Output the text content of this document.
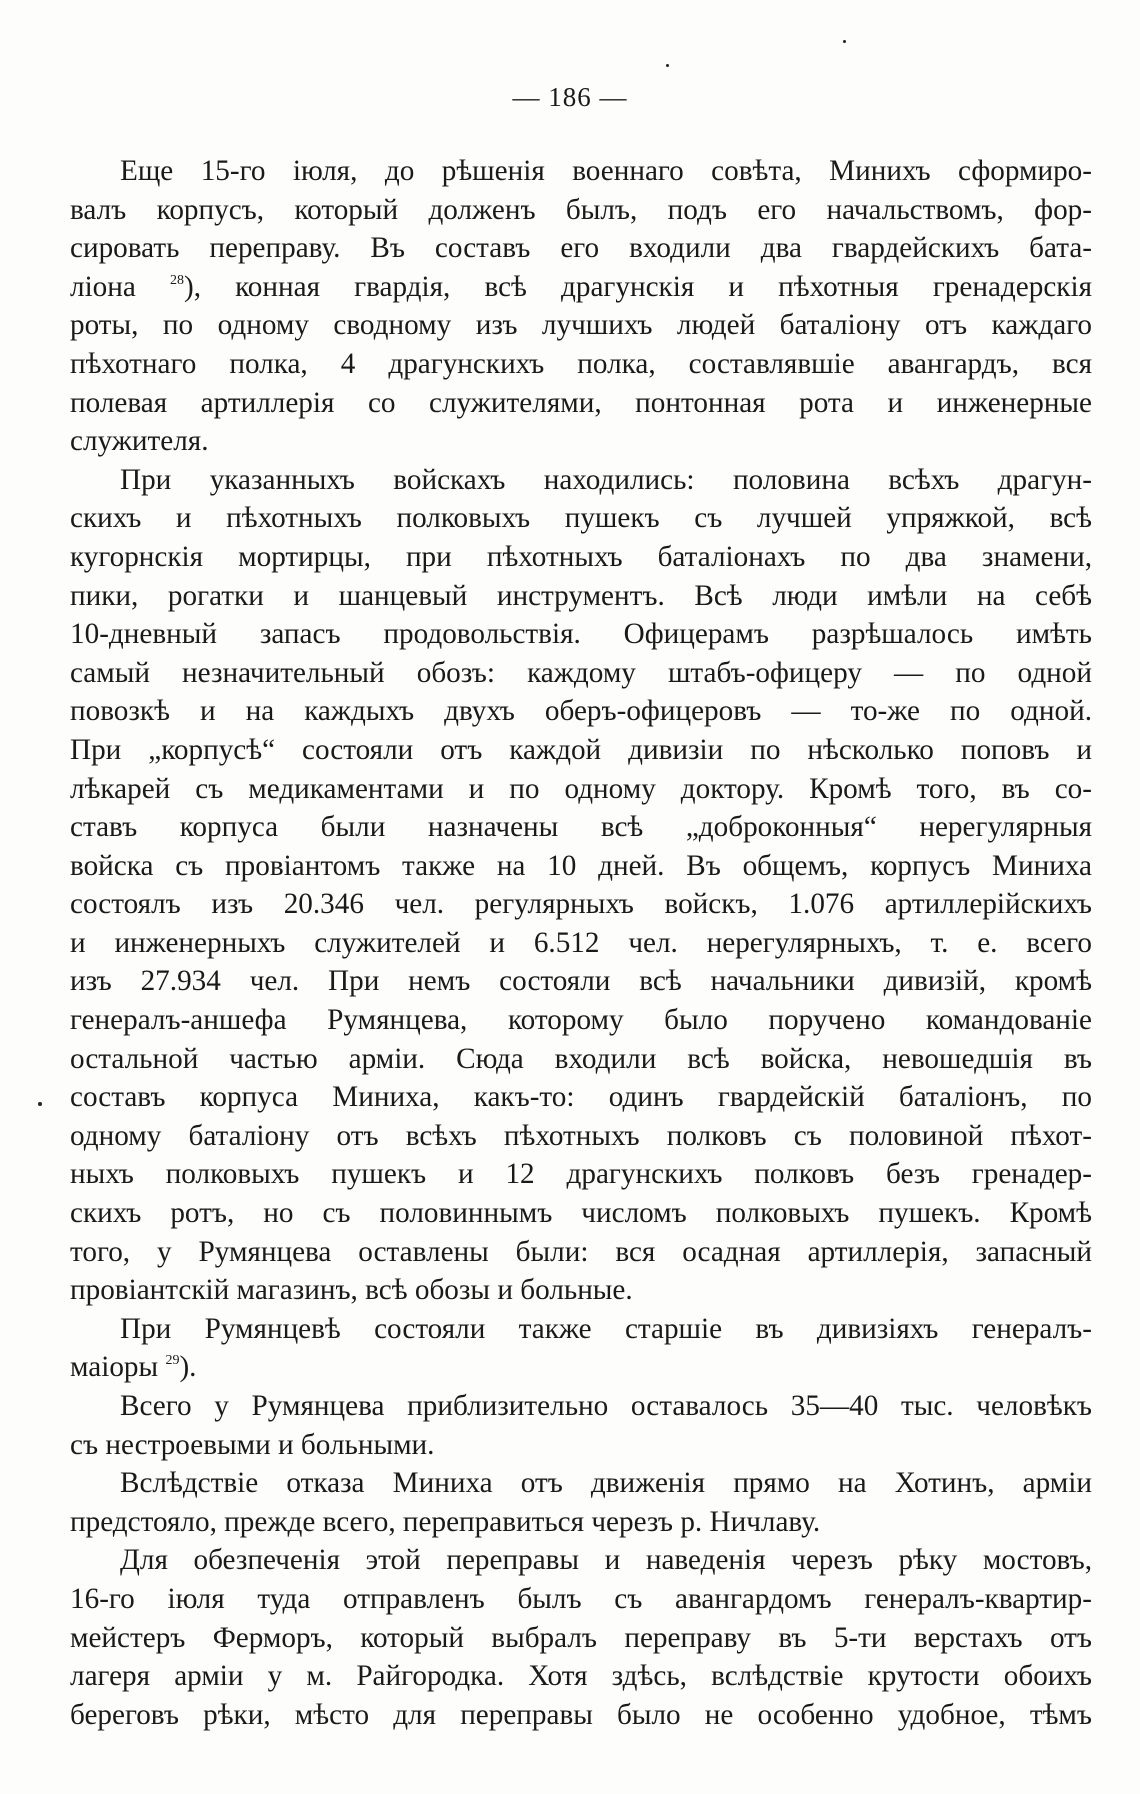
— 186 —
Еще 15-го іюля, до рѣшенія военнаго совѣта, Минихъ сформиро-
валъ корпусъ, который долженъ былъ, подъ его начальствомъ, фор-
сировать переправу. Въ составъ его входили два гвардейскихъ бата-
ліона $^{28}$), конная гвардія, всѣ драгунскія и пѣхотныя гренадерскія
роты, по одному сводному изъ лучшихъ людей баталіону отъ каждаго
пѣхотнаго полка, 4 драгунскихъ полка, составлявшіе авангардъ, вся
полевая артиллерія со служителями, понтонная рота и инженерные
служителя.
При указанныхъ войскахъ находились: половина всѣхъ драгун-
скихъ и пѣхотныхъ полковыхъ пушекъ съ лучшей упряжкой, всѣ
кугорнскія мортирцы, при пѣхотныхъ баталіонахъ по два знамени,
пики, рогатки и шанцевый инструментъ. Всѣ люди имѣли на себѣ
10-дневный запасъ продовольствія. Офицерамъ разрѣшалось имѣть
самый незначительный обозъ: каждому штабъ-офицеру — по одной
повозкѣ и на каждыхъ двухъ оберъ-офицеровъ — то-же по одной.
При „корпусѣ“ состояли отъ каждой дивизіи по нѣсколько поповъ и
лѣкарей съ медикаментами и по одному доктору. Кромѣ того, въ со-
ставъ корпуса были назначены всѣ „доброконныя“ нерегулярныя
войска съ провіантомъ также на 10 дней. Въ общемъ, корпусъ Миниха
состоялъ изъ 20.346 чел. регулярныхъ войскъ, 1.076 артиллерійскихъ
и инженерныхъ служителей и 6.512 чел. нерегулярныхъ, т. е. всего
изъ 27.934 чел. При немъ состояли всѣ начальники дивизій, кромѣ
генералъ-аншефа Румянцева, которому было поручено командованіе
остальной частью арміи. Сюда входили всѣ войска, невошедшія въ
составъ корпуса Миниха, какъ-то: одинъ гвардейскій баталіонъ, по
одному баталіону отъ всѣхъ пѣхотныхъ полковъ съ половиной пѣхот-
ныхъ полковыхъ пушекъ и 12 драгунскихъ полковъ безъ гренадер-
скихъ ротъ, но съ половиннымъ числомъ полковыхъ пушекъ. Кромѣ
того, у Румянцева оставлены были: вся осадная артиллерія, запасный
провіантскій магазинъ, всѣ обозы и больные.
При Румянцевѣ состояли также старшіе въ дивизіяхъ генералъ-
маіоры $^{29}$).
Всего у Румянцева приблизительно оставалось 35—40 тыс. человѣкъ
съ нестроевыми и больными.
Вслѣдствіе отказа Миниха отъ движенія прямо на Хотинъ, арміи
предстояло, прежде всего, переправиться черезъ р. Ничлаву.
Для обезпеченія этой переправы и наведенія черезъ рѣку мостовъ,
16-го іюля туда отправленъ былъ съ авангардомъ генералъ-квартир-
мейстеръ Ферморъ, который выбралъ переправу въ 5-ти верстахъ отъ
лагеря арміи у м. Райгородка. Хотя здѣсь, вслѣдствіе крутости обоихъ
береговъ рѣки, мѣсто для переправы было не особенно удобное, тѣмъ
